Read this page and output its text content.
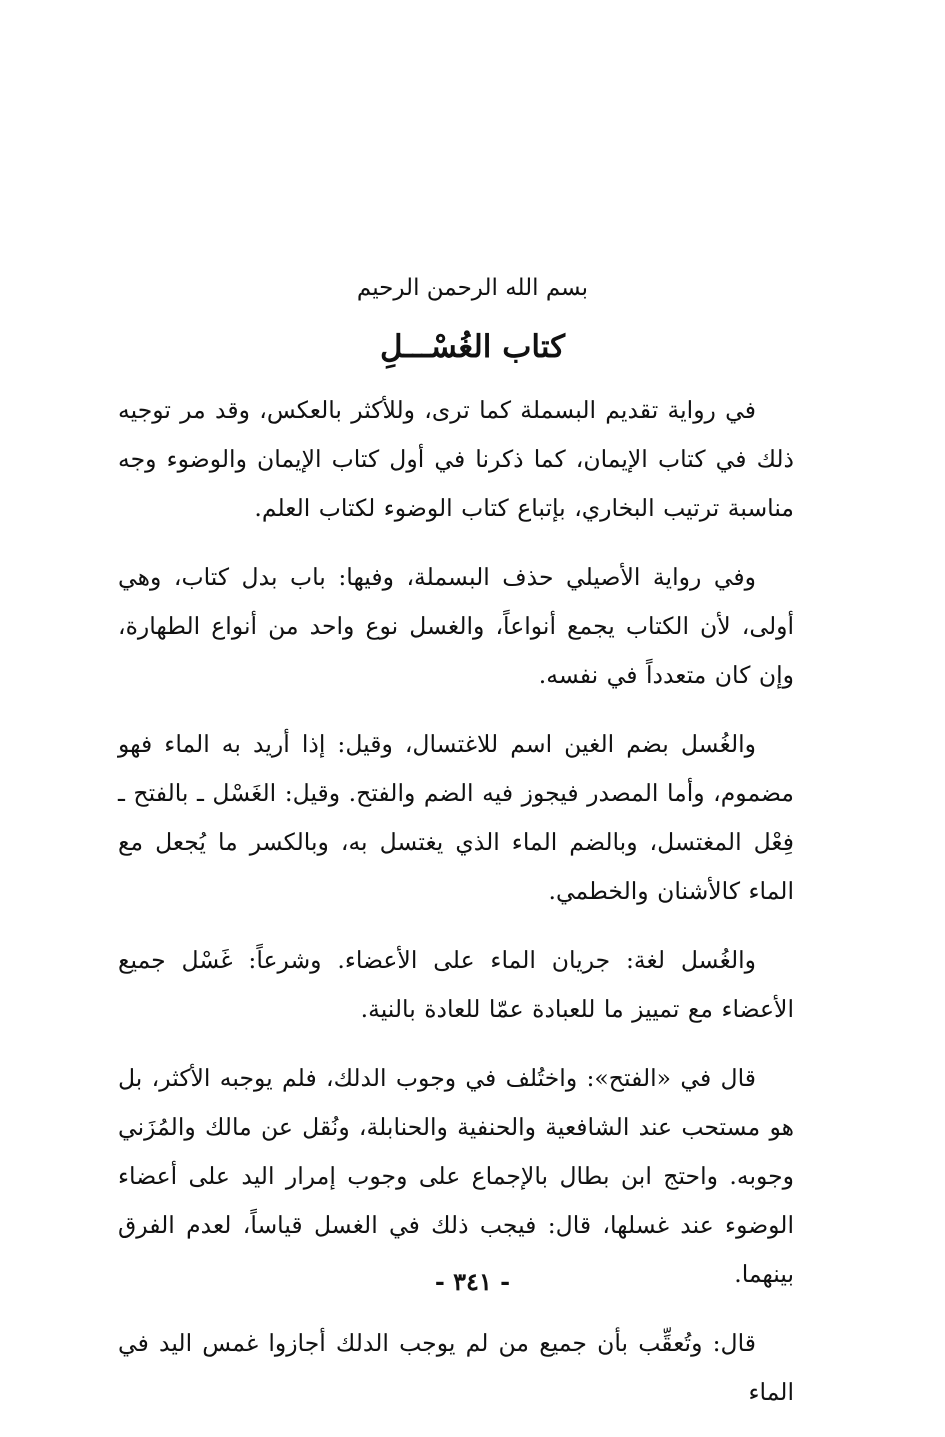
بسم الله الرحمن الرحيم
كتاب الغُسْـــلِ

في رواية تقديم البسملة كما ترى، وللأكثر بالعكس، وقد مر توجيه ذلك في كتاب الإيمان، كما ذكرنا في أول كتاب الإيمان والوضوء وجه مناسبة ترتيب البخاري، بإتباع كتاب الوضوء لكتاب العلم.

وفي رواية الأصيلي حذف البسملة، وفيها: باب بدل كتاب، وهي أولى، لأن الكتاب يجمع أنواعاً، والغسل نوع واحد من أنواع الطهارة، وإن كان متعدداً في نفسه.

والغُسل بضم الغين اسم للاغتسال، وقيل: إذا أريد به الماء فهو مضموم، وأما المصدر فيجوز فيه الضم والفتح. وقيل: الغَسْل ـ بالفتح ـ فِعْل المغتسل، وبالضم الماء الذي يغتسل به، وبالكسر ما يُجعل مع الماء كالأشنان والخطمي.

والغُسل لغة: جريان الماء على الأعضاء. وشرعاً: غَسْل جميع الأعضاء مع تمييز ما للعبادة عمّا للعادة بالنية.

قال في «الفتح»: واختُلف في وجوب الدلك، فلم يوجبه الأكثر، بل هو مستحب عند الشافعية والحنفية والحنابلة، ونُقل عن مالك والمُزَني وجوبه. واحتج ابن بطال بالإجماع على وجوب إمرار اليد على أعضاء الوضوء عند غسلها، قال: فيجب ذلك في الغسل قياساً، لعدم الفرق بينهما.

قال: وتُعقِّب بأن جميع من لم يوجب الدلك أجازوا غمس اليد في الماء

- ٣٤١ -
